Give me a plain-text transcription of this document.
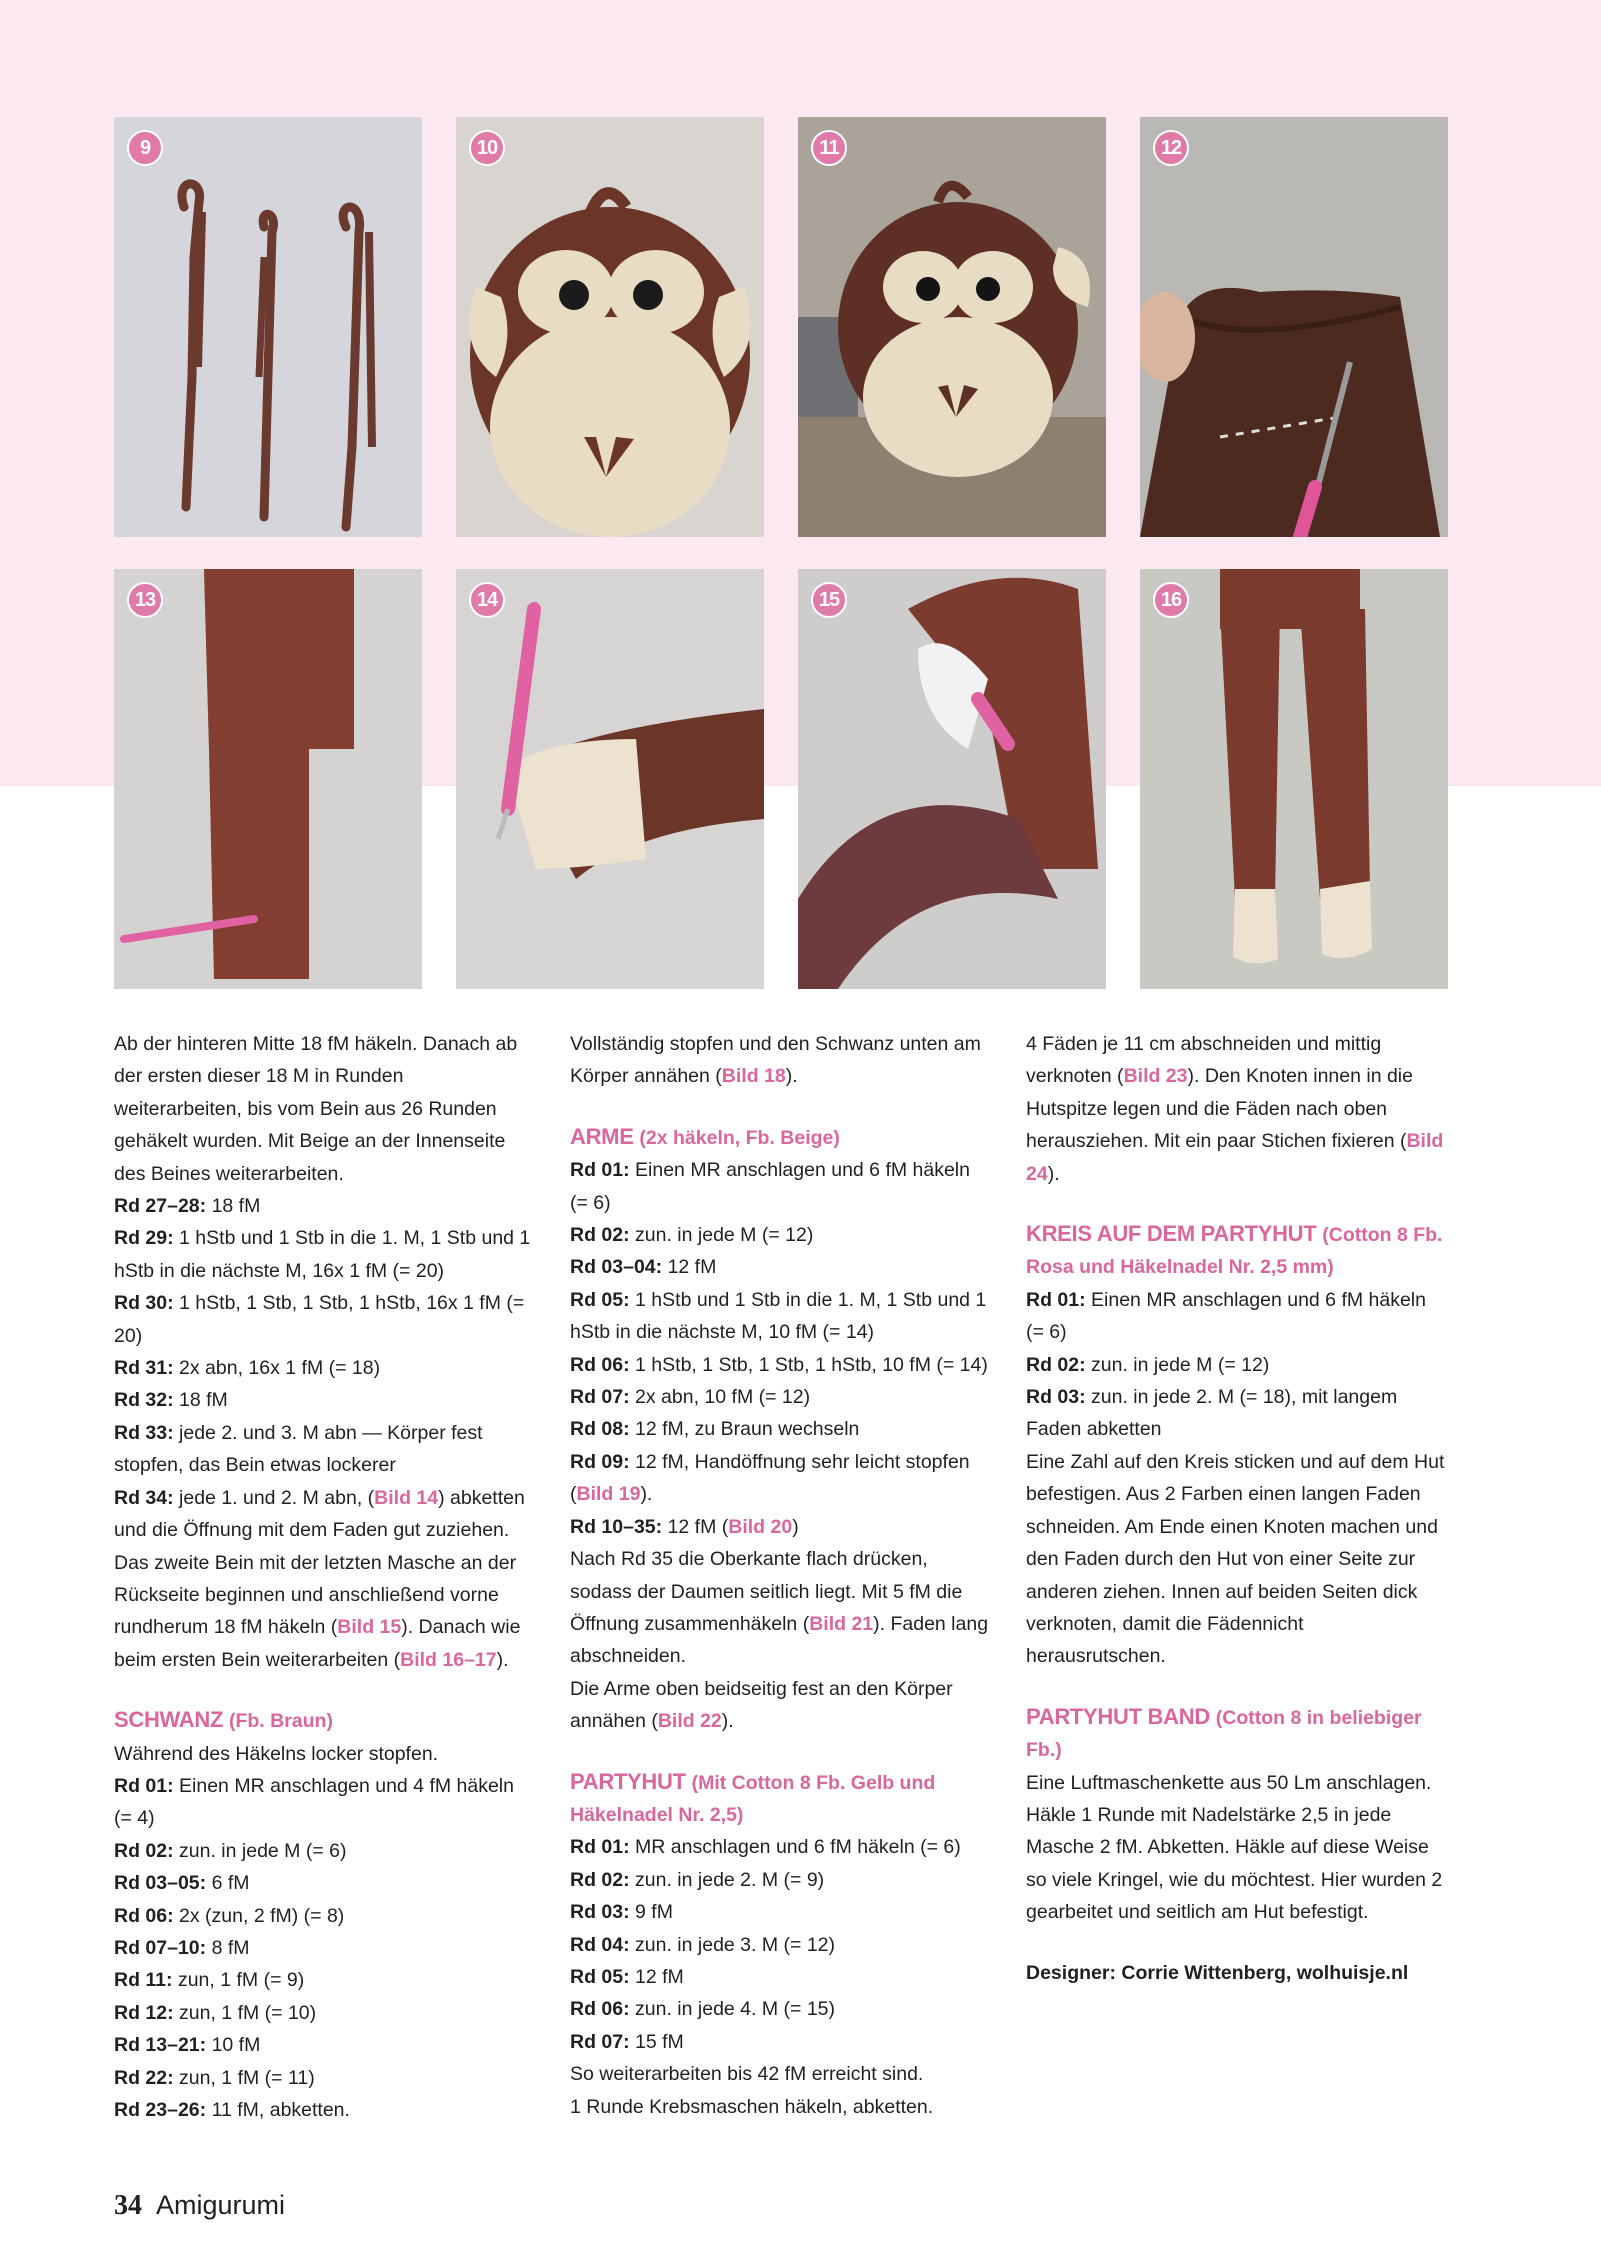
9	10	11	12
13	14	15	16

Ab der hinteren Mitte 18 fM häkeln. Danach ab der ersten dieser 18 M in Runden weiterarbeiten, bis vom Bein aus 26 Runden gehäkelt wurden. Mit Beige an der Innenseite des Beines weiterarbeiten.

Rd 27–28: 18 fM

Rd 29: 1 hStb und 1 Stb in die 1. M, 1 Stb und 1 hStb in die nächste M, 16x 1 fM (= 20)

Rd 30: 1 hStb, 1 Stb, 1 Stb, 1 hStb, 16x 1 fM (= 20)

Rd 31: 2x abn, 16x 1 fM (= 18)

Rd 32: 18 fM

Rd 33: jede 2. und 3. M abn — Körper fest stopfen, das Bein etwas lockerer

Rd 34: jede 1. und 2. M abn, (Bild 14) abketten und die Öffnung mit dem Faden gut zuziehen.

Das zweite Bein mit der letzten Masche an der Rückseite beginnen und anschließend vorne rundherum 18 fM häkeln (Bild 15). Danach wie beim ersten Bein weiterarbeiten (Bild 16–17).

SCHWANZ (Fb. Braun)

Während des Häkelns locker stopfen.

Rd 01: Einen MR anschlagen und 4 fM häkeln (= 4)

Rd 02: zun. in jede M (= 6)

Rd 03–05: 6 fM

Rd 06: 2x (zun, 2 fM) (= 8)

Rd 07–10: 8 fM

Rd 11: zun, 1 fM (= 9)

Rd 12: zun, 1 fM (= 10)

Rd 13–21: 10 fM

Rd 22: zun, 1 fM (= 11)

Rd 23–26: 11 fM, abketten.

Vollständig stopfen und den Schwanz unten am Körper annähen (Bild 18).

ARME (2x häkeln, Fb. Beige)

Rd 01: Einen MR anschlagen und 6 fM häkeln (= 6)

Rd 02: zun. in jede M (= 12)

Rd 03–04: 12 fM

Rd 05: 1 hStb und 1 Stb in die 1. M, 1 Stb und 1 hStb in die nächste M, 10 fM (= 14)

Rd 06: 1 hStb, 1 Stb, 1 Stb, 1 hStb, 10 fM (= 14)

Rd 07: 2x abn, 10 fM (= 12)

Rd 08: 12 fM, zu Braun wechseln

Rd 09: 12 fM, Handöffnung sehr leicht stopfen (Bild 19).

Rd 10–35: 12 fM (Bild 20)

Nach Rd 35 die Oberkante flach drücken, sodass der Daumen seitlich liegt. Mit 5 fM die Öffnung zusammenhäkeln (Bild 21). Faden lang abschneiden.

Die Arme oben beidseitig fest an den Körper annähen (Bild 22).

PARTYHUT (Mit Cotton 8 Fb. Gelb und Häkelnadel Nr. 2,5)

Rd 01: MR anschlagen und 6 fM häkeln (= 6)

Rd 02: zun. in jede 2. M (= 9)

Rd 03: 9 fM

Rd 04: zun. in jede 3. M (= 12)

Rd 05: 12 fM

Rd 06: zun. in jede 4. M (= 15)

Rd 07: 15 fM

So weiterarbeiten bis 42 fM erreicht sind.

1 Runde Krebsmaschen häkeln, abketten.

4 Fäden je 11 cm abschneiden und mittig verknoten (Bild 23). Den Knoten innen in die Hutspitze legen und die Fäden nach oben herausziehen. Mit ein paar Stichen fixieren (Bild 24).

KREIS AUF DEM PARTYHUT (Cotton 8 Fb. Rosa und Häkelnadel Nr. 2,5 mm)

Rd 01: Einen MR anschlagen und 6 fM häkeln (= 6)

Rd 02: zun. in jede M (= 12)

Rd 03: zun. in jede 2. M (= 18), mit langem Faden abketten

Eine Zahl auf den Kreis sticken und auf dem Hut befestigen. Aus 2 Farben einen langen Faden schneiden. Am Ende einen Knoten machen und den Faden durch den Hut von einer Seite zur anderen ziehen. Innen auf beiden Seiten dick verknoten, damit die Fädennicht herausrutschen.

PARTYHUT BAND (Cotton 8 in beliebiger Fb.)

Eine Luftmaschenkette aus 50 Lm anschlagen. Häkle 1 Runde mit Nadelstärke 2,5 in jede Masche 2 fM. Abketten. Häkle auf diese Weise so viele Kringel, wie du möchtest. Hier wurden 2 gearbeitet und seitlich am Hut befestigt.

Designer: Corrie Wittenberg, wolhuisje.nl

34 Amigurumi
